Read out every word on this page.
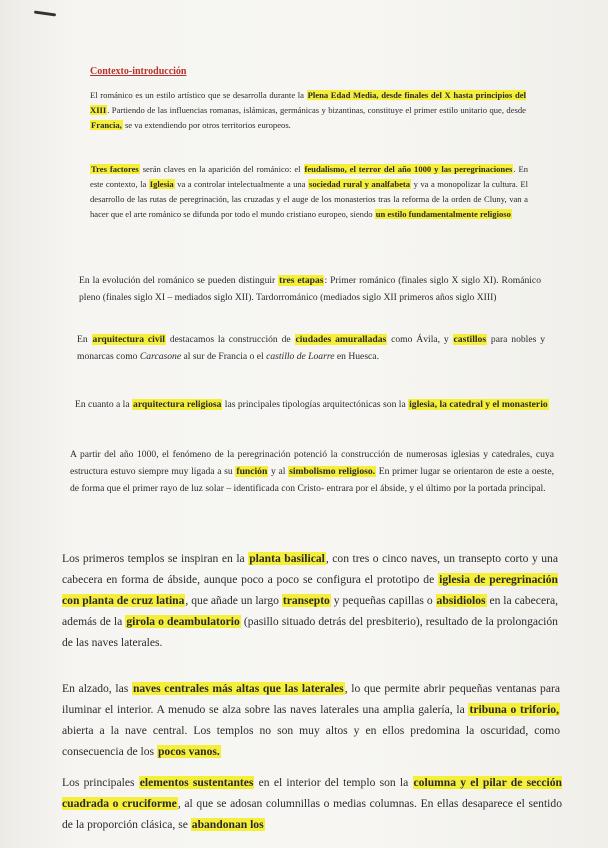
Contexto-introducción

El románico es un estilo artístico que se desarrolla durante la Plena Edad Media, desde finales del X hasta principios del XIII. Partiendo de las influencias romanas, islámicas, germánicas y bizantinas, constituye el primer estilo unitario que, desde Francia, se va extendiendo por otros territorios europeos.

Tres factores serán claves en la aparición del románico: el feudalismo, el terror del año 1000 y las peregrinaciones. En este contexto, la Iglesia va a controlar intelectualmente a una sociedad rural y analfabeta y va a monopolizar la cultura. El desarrollo de las rutas de peregrinación, las cruzadas y el auge de los monasterios tras la reforma de la orden de Cluny, van a hacer que el arte románico se difunda por todo el mundo cristiano europeo, siendo un estilo fundamentalmente religioso

En la evolución del románico se pueden distinguir tres etapas: Primer románico (finales siglo X siglo XI). Románico pleno (finales siglo XI – mediados siglo XII). Tardorrománico (mediados siglo XII primeros años siglo XIII)

En arquitectura civil destacamos la construcción de ciudades amuralladas como Ávila, y castillos para nobles y monarcas como Carcasone al sur de Francia o el castillo de Loarre en Huesca.

En cuanto a la arquitectura religiosa las principales tipologías arquitectónicas son la iglesia, la catedral y el monasterio

A partir del año 1000, el fenómeno de la peregrinación potenció la construcción de numerosas iglesias y catedrales, cuya estructura estuvo siempre muy ligada a su función y al simbolismo religioso. En primer lugar se orientaron de este a oeste, de forma que el primer rayo de luz solar – identificada con Cristo- entrara por el ábside, y el último por la portada principal.

Los primeros templos se inspiran en la planta basilical, con tres o cinco naves, un transepto corto y una cabecera en forma de ábside, aunque poco a poco se configura el prototipo de iglesia de peregrinación con planta de cruz latina, que añade un largo transepto y pequeñas capillas o absidiolos en la cabecera, además de la girola o deambulatorio (pasillo situado detrás del presbiterio), resultado de la prolongación de las naves laterales.

En alzado, las naves centrales más altas que las laterales, lo que permite abrir pequeñas ventanas para iluminar el interior. A menudo se alza sobre las naves laterales una amplia galería, la tribuna o triforio, abierta a la nave central. Los templos no son muy altos y en ellos predomina la oscuridad, como consecuencia de los pocos vanos.

Los principales elementos sustentantes en el interior del templo son la columna y el pilar de sección cuadrada o cruciforme, al que se adosan columnillas o medias columnas. En ellas desaparece el sentido de la proporción clásica, se abandonan los
